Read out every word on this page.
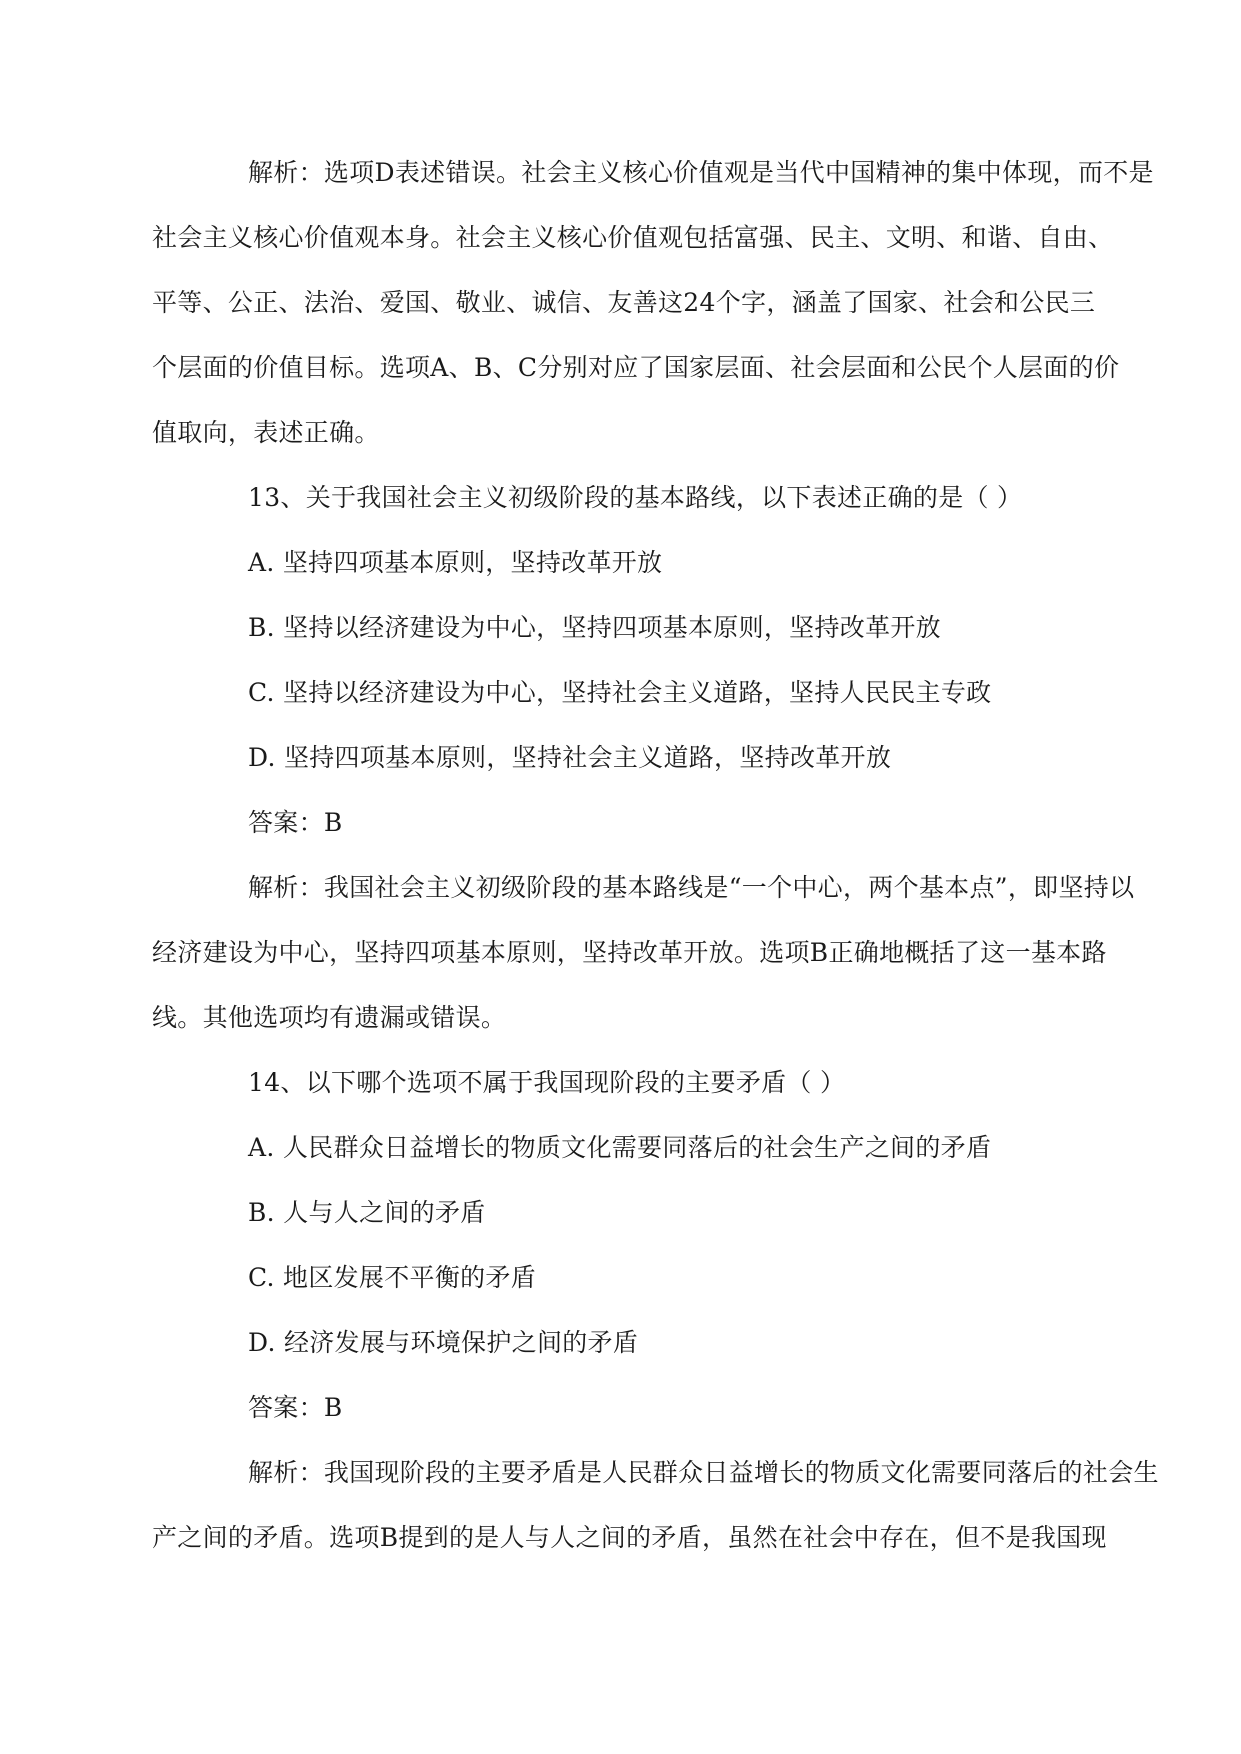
解析：选项D表述错误。社会主义核心价值观是当代中国精神的集中体现，而不是
社会主义核心价值观本身。社会主义核心价值观包括富强、民主、文明、和谐、自由、
平等、公正、法治、爱国、敬业、诚信、友善这24个字，涵盖了国家、社会和公民三
个层面的价值目标。选项A、B、C分别对应了国家层面、社会层面和公民个人层面的价
值取向，表述正确。
13、关于我国社会主义初级阶段的基本路线，以下表述正确的是（ ）
A. 坚持四项基本原则，坚持改革开放
B. 坚持以经济建设为中心，坚持四项基本原则，坚持改革开放
C. 坚持以经济建设为中心，坚持社会主义道路，坚持人民民主专政
D. 坚持四项基本原则，坚持社会主义道路，坚持改革开放
答案：B
解析：我国社会主义初级阶段的基本路线是“一个中心，两个基本点”，即坚持以
经济建设为中心，坚持四项基本原则，坚持改革开放。选项B正确地概括了这一基本路
线。其他选项均有遗漏或错误。
14、以下哪个选项不属于我国现阶段的主要矛盾（ ）
A. 人民群众日益增长的物质文化需要同落后的社会生产之间的矛盾
B. 人与人之间的矛盾
C. 地区发展不平衡的矛盾
D. 经济发展与环境保护之间的矛盾
答案：B
解析：我国现阶段的主要矛盾是人民群众日益增长的物质文化需要同落后的社会生
产之间的矛盾。选项B提到的是人与人之间的矛盾，虽然在社会中存在，但不是我国现
